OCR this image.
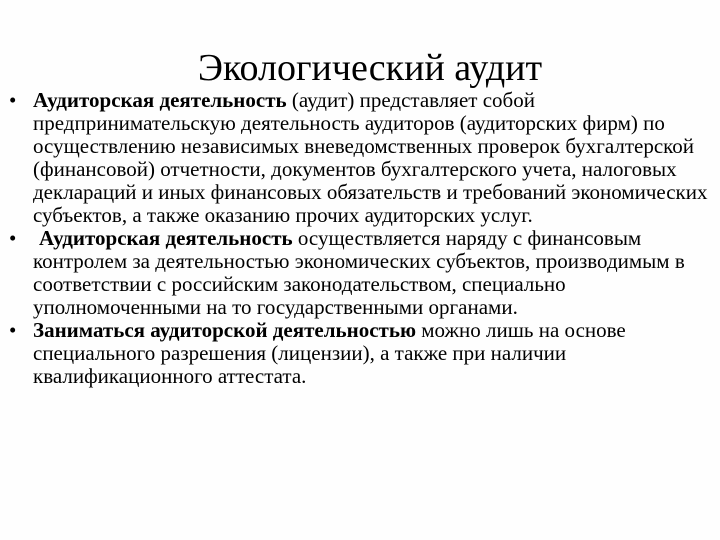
Экологический аудит
• Аудиторская деятельность (аудит) представляет собой предпринимательскую деятельность аудиторов (аудиторских фирм) по осуществлению независимых вневедомственных проверок бухгалтерской (финансовой) отчетности, документов бухгалтерского учета, налоговых деклараций и иных финансовых обязательств и требований экономических субъектов, а также оказанию прочих аудиторских услуг.
• Аудиторская деятельность осуществляется наряду с финансовым контролем за деятельностью экономических субъектов, производимым в соответствии с российским законодательством, специально уполномоченными на то государственными органами.
• Заниматься аудиторской деятельностью можно лишь на основе специального разрешения (лицензии), а также при наличии квалификационного аттестата.
